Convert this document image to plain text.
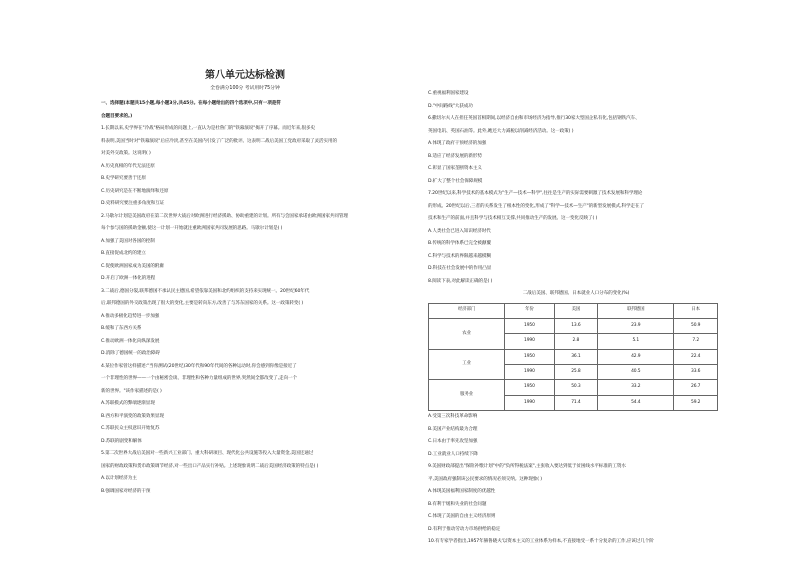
第八单元达标检测
全卷满分100分 考试用时75分钟

一、选择题(本题共15小题,每小题3分,共45分。在每小题给出的四个选项中,只有一项是符

合题目要求的。)

1.长期以来,史学界在"冷战"格局形成的问题上,一直认为是杜鲁门的"铁幕演说"揭开了序幕。而近年来,很多史

料表明,美国当时对"铁幕演说"后应冷淡,甚至在美国内引发了广泛的批评。这表明二战后美国工党政府采取了灵活实用的

对美外交政策。这说明( )

A.历史真相的年代无法还原

B.史学研究要善于还原

C.历史研究是在不断地演绎和还原

D.史料研究要注重多角度和互证

2.马歇尔计划是美国政府在第二次世界大战后对欧洲进行经济援助、协助重建的计划。所有与会国家承诺由欧洲国家共同管理

每个参与国的援助金额,使这一计划一开始就注重欧洲国家共同发展的思路。马歇尔计划是( )

A.加强了美国对各国的控制

B.直接促成北约的建立

C.促使欧洲国家成为美国的附庸

D.开启了欧洲一体化的进程

3.二战后,德国分裂,联邦德国不承认民主德国,希望依靠美国和北约组织的支持来实现统一。20世纪60年代

后,联邦德国的外交政策出现了很大的变化,主要是转向东方,改善了与苏东国家的关系。这一政策转变( )

A.推动多极化趋势进一步加强

B.缓和了东西方关系

C.推动欧洲一体化向纵深发展

D.消除了德国统一的政治障碍

4.某位作家曾这样描述:"当你测试(20世纪)30年代和90年代间的各种运动时,你会感到你像是接近了

一个非理性的世界——一个由秘密会谈、非理性和各种力量组成的世界,突然间全都改变了,走向一个

新的世界。"该作家描述的是( )

A.苏联模式的弊端逐渐显现

B.西方和平演变的政策效果显现

C.苏联民众主权意识开始复苏

D.苏联的剧变和解体

5.第二次世界大战后美国对一些新兴工业部门、重大科研项目、现代化公共设施等投入大量资金,美国还通过

国家的财政政策和货币政策调节经济,对一些出口产品实行补贴。上述现象说明二战后美国经济政策的特点是( )

A.以计划经济为主

B.强调国家对经济的干预

C.重视福利国家建设

D."中间路线"大获成功

6.撒切尔夫人在担任英国首相期间,以经济自由和市场经济为指导,推行30家大型国企私有化,包括钢铁汽车、

英国电讯、英国石油等。此外,她还大力减税以削减经济活动。这一政策( )

A.体现了政府干预经济的加强

B.适应了经济发展的新形势

C.彰显了国家垄断资本主义

D.扩大了整个社会保障规模

7.20世纪以来,科学技术的基本模式为"生产—技术—科学",往往是生产的实际需要刺激了技术发展和科学理论

的形成。20世纪以后,三者的关系发生了根本性的变化,形成了"科学—技术—生产"的新型发展模式,科学走在了

技术和生产的前面,并且科学与技术相互支撑,共同推动生产的发展。这一变化反映了( )

A.人类社会已进入知识经济时代

B.传统的科学体系已完全被颠覆

C.科学与技术的界限越来越模糊

D.科技在社会发展中的作用凸显

8.阅读下表,对此解读正确的是( )

二战后美国、联邦德国、日本就业人口分布的变化(%)

经济部门	年份	美国	联邦德国	日本
农业	1950	13.6	23.9	50.9
	1990	2.8	5.1	7.2
工业	1950	36.1	42.9	22.4
	1990	25.8	40.5	33.6
服务业	1950	50.3	33.2	26.7
	1990	71.4	54.4	59.2

A.受第三次科技革命影响

B.美国产业结构最为合理

C.日本由于率先攻坚加强

D.工业就业人口持续下降

9.美国财政部提出"保险补缴计划"中的"负所得税法案",主张收入要达到低于贫困线水平标准的工资水

平,美国政府强制该公民要求的情况必须交纳。这种现象( )

A.体现美国福利国家制度的优越性

B.有利于缓和失业的社会问题

C.体现了美国的自由主义经济原则

D.有利于推动劳动力市场供给的稳定

10.有专家学者指出,1957年赫鲁晓夫'以资本主义的工业体系为样本,不直接地受一系十分复杂的工作,应该过几个阶
